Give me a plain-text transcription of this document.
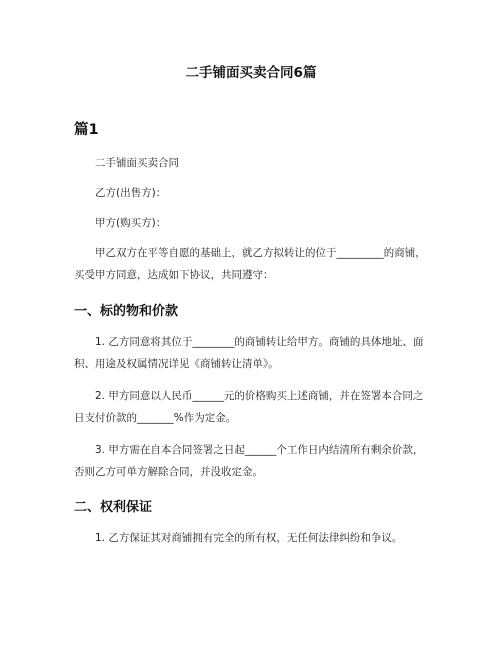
二手铺面买卖合同6篇
篇1
二手铺面买卖合同
乙方(出售方)：
甲方(购买方)：
甲乙双方在平等自愿的基础上，就乙方拟转让的位于_________的商铺，买受甲方同意，达成如下协议，共同遵守：
一、标的物和价款
1. 乙方同意将其位于________的商铺转让给甲方。商铺的具体地址、面积、用途及权属情况详见《商铺转让清单》。
2. 甲方同意以人民币______元的价格购买上述商铺，并在签署本合同之日支付价款的_______%作为定金。
3. 甲方需在自本合同签署之日起______个工作日内结清所有剩余价款，否则乙方可单方解除合同，并没收定金。
二、权利保证
1. 乙方保证其对商铺拥有完全的所有权，无任何法律纠纷和争议。
